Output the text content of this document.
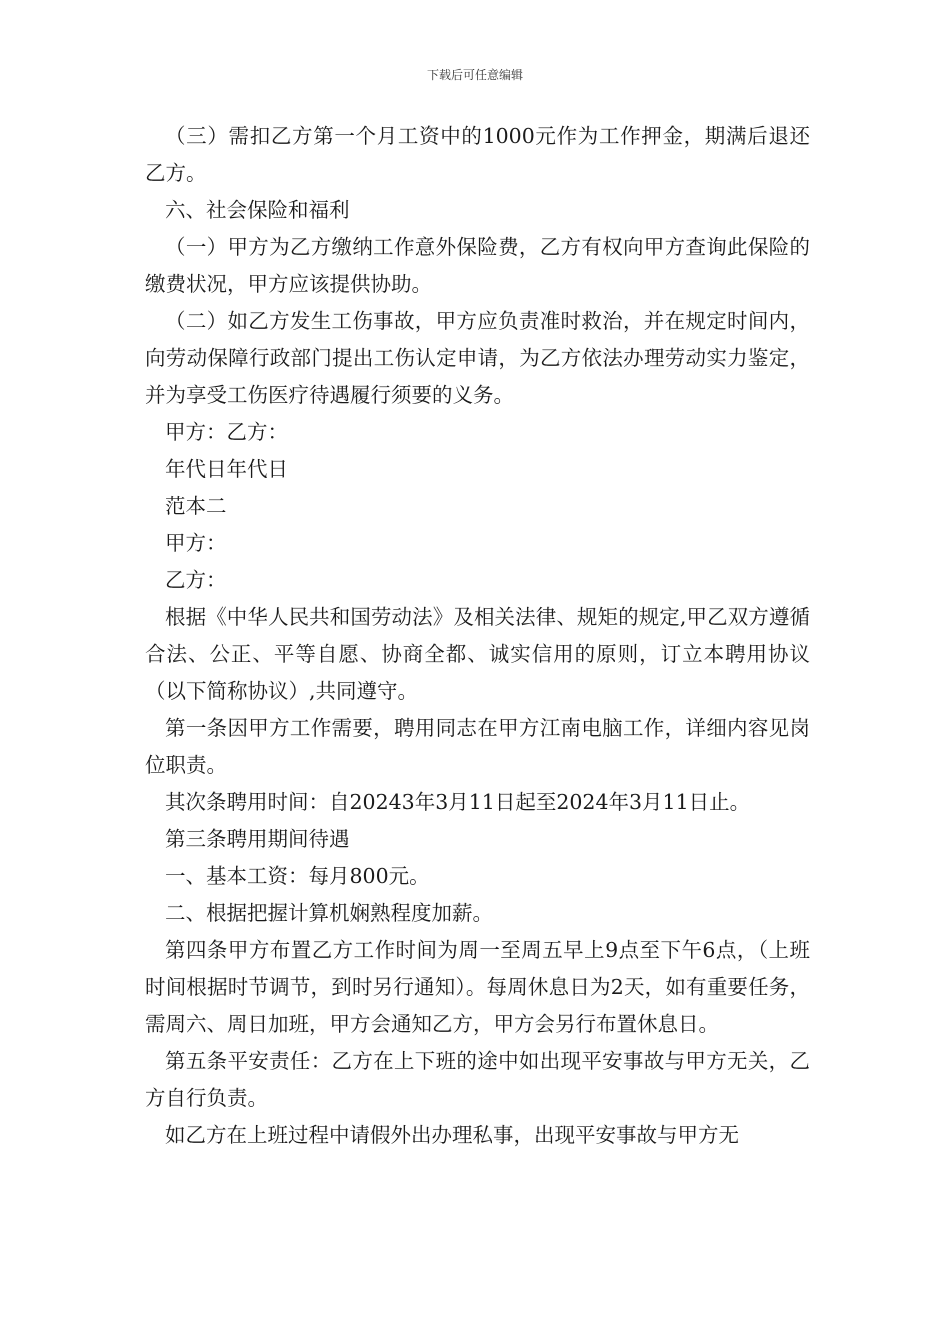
下载后可任意编辑

（三）需扣乙方第一个月工资中的1000元作为工作押金，期满后退还乙方。

六、社会保险和福利

（一）甲方为乙方缴纳工作意外保险费，乙方有权向甲方查询此保险的缴费状况，甲方应该提供协助。

（二）如乙方发生工伤事故，甲方应负责准时救治，并在规定时间内，向劳动保障行政部门提出工伤认定申请，为乙方依法办理劳动实力鉴定，并为享受工伤医疗待遇履行须要的义务。

甲方：乙方：

年代日年代日

范本二

甲方：

乙方：

根据《中华人民共和国劳动法》及相关法律、规矩的规定,甲乙双方遵循合法、公正、平等自愿、协商全都、诚实信用的原则，订立本聘用协议（以下简称协议）,共同遵守。

第一条因甲方工作需要，聘用同志在甲方江南电脑工作，详细内容见岗位职责。

其次条聘用时间：自20243年3月11日起至2024年3月11日止。

第三条聘用期间待遇

一、基本工资：每月800元。

二、根据把握计算机娴熟程度加薪。

第四条甲方布置乙方工作时间为周一至周五早上9点至下午6点，（上班时间根据时节调节，到时另行通知）。每周休息日为2天，如有重要任务，需周六、周日加班，甲方会通知乙方，甲方会另行布置休息日。

第五条平安责任：乙方在上下班的途中如出现平安事故与甲方无关，乙方自行负责。

如乙方在上班过程中请假外出办理私事，出现平安事故与甲方无
